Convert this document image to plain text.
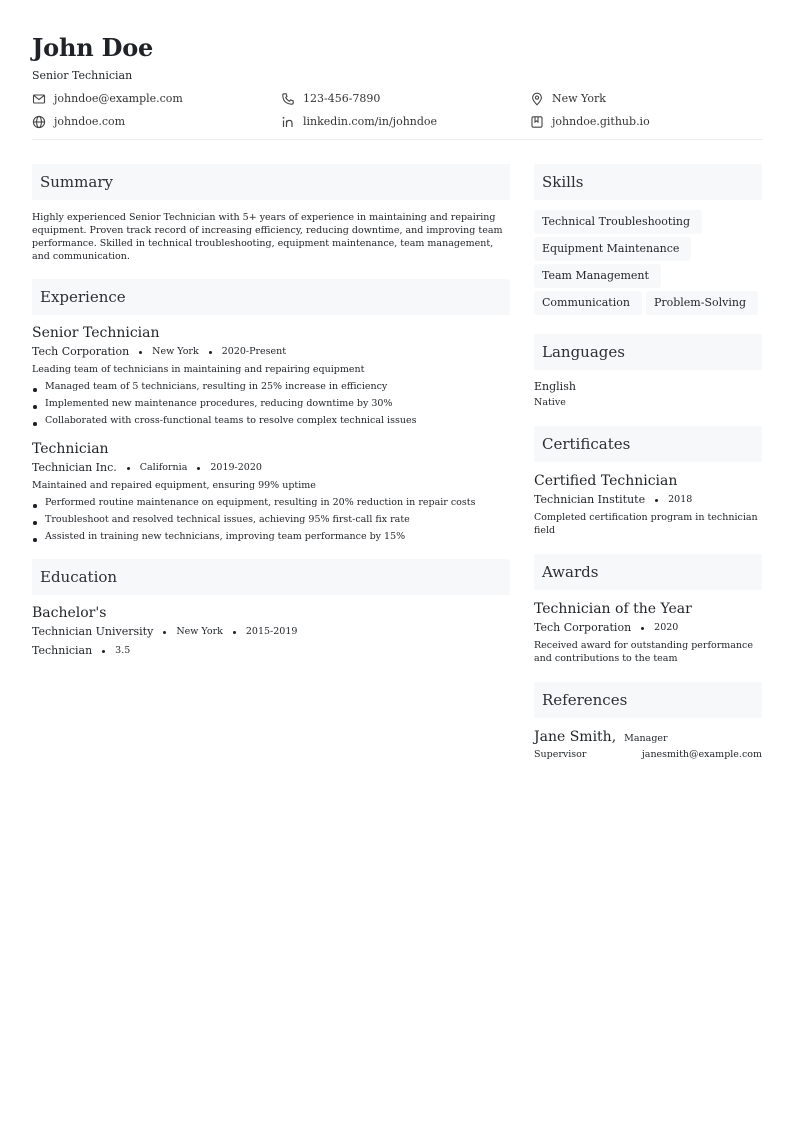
John Doe
Senior Technician
johndoe@example.com	123-456-7890	New York
johndoe.com	linkedin.com/in/johndoe	johndoe.github.io
Summary
Highly experienced Senior Technician with 5+ years of experience in maintaining and repairing equipment. Proven track record of increasing efficiency, reducing downtime, and improving team performance. Skilled in technical troubleshooting, equipment maintenance, team management, and communication.
Experience
Senior Technician
Tech Corporation New York 2020-Present
Leading team of technicians in maintaining and repairing equipment
Managed team of 5 technicians, resulting in 25% increase in efficiency
Implemented new maintenance procedures, reducing downtime by 30%
Collaborated with cross-functional teams to resolve complex technical issues
Technician
Technician Inc. California 2019-2020
Maintained and repaired equipment, ensuring 99% uptime
Performed routine maintenance on equipment, resulting in 20% reduction in repair costs
Troubleshoot and resolved technical issues, achieving 95% first-call fix rate
Assisted in training new technicians, improving team performance by 15%
Education
Bachelor's
Technician University New York 2015-2019
Technician 3.5
Skills
Technical Troubleshooting
Equipment Maintenance
Team Management
Communication	Problem-Solving
Languages
English
Native
Certificates
Certified Technician
Technician Institute 2018
Completed certification program in technician field
Awards
Technician of the Year
Tech Corporation 2020
Received award for outstanding performance and contributions to the team
References
Jane Smith, Manager
Supervisor	janesmith@example.com
